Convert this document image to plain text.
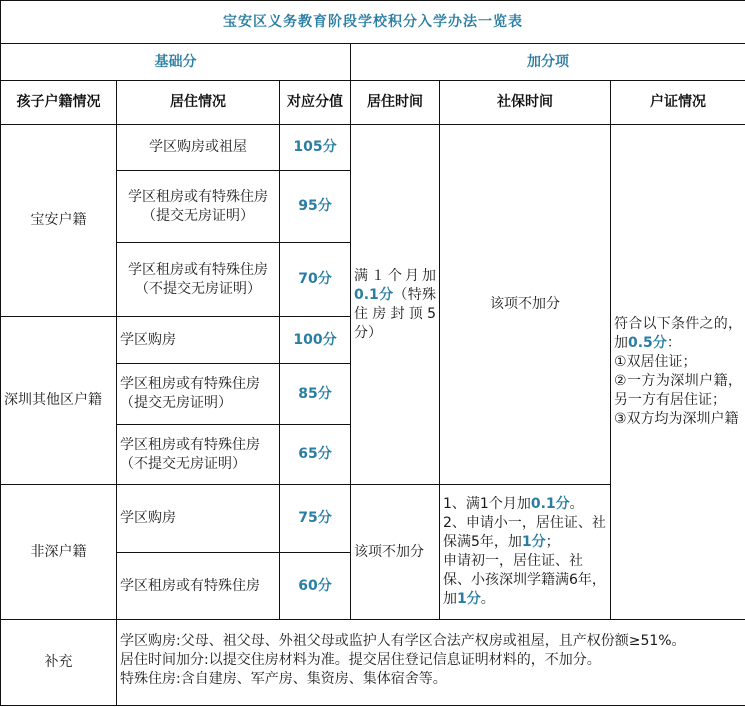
宝安区义务教育阶段学校积分入学办法一览表					
基础分			加分项		
孩子户籍情况	居住情况	对应分值	居住时间	社保时间	户证情况
宝安户籍	学区购房或祖屋	105分	满１个月加0.1分（特殊住房封顶5分）	该项不加分	符合以下条件之的，加0.5分：
①双居住证；
②一方为深圳户籍，另一方有居住证；
③双方均为深圳户籍

	学区租房或有特殊住房
（提交无房证明）	95分			

	学区租房或有特殊住房
（不提交无房证明）	70分			
深圳其他区户籍	学区购房	100分			

	学区租房或有特殊住房
（提交无房证明）	85分			

	学区租房或有特殊住房
（不提交无房证明）	65分			
非深户籍	学区购房	75分	该项不加分	1、满1个月加0.1分。
2、申请小一，居住证、社保满5年，加1分；
申请初一，居住证、社保、小孩深圳学籍满6年，加1分。	

	学区租房或有特殊住房	60分			
补充	学区购房:父母、祖父母、外祖父母或监护人有学区合法产权房或祖屋，且产权份额≥51%。
居住时间加分:以提交住房材料为准。提交居住登记信息证明材料的，不加分。
特殊住房:含自建房、军产房、集资房、集体宿舍等。				
